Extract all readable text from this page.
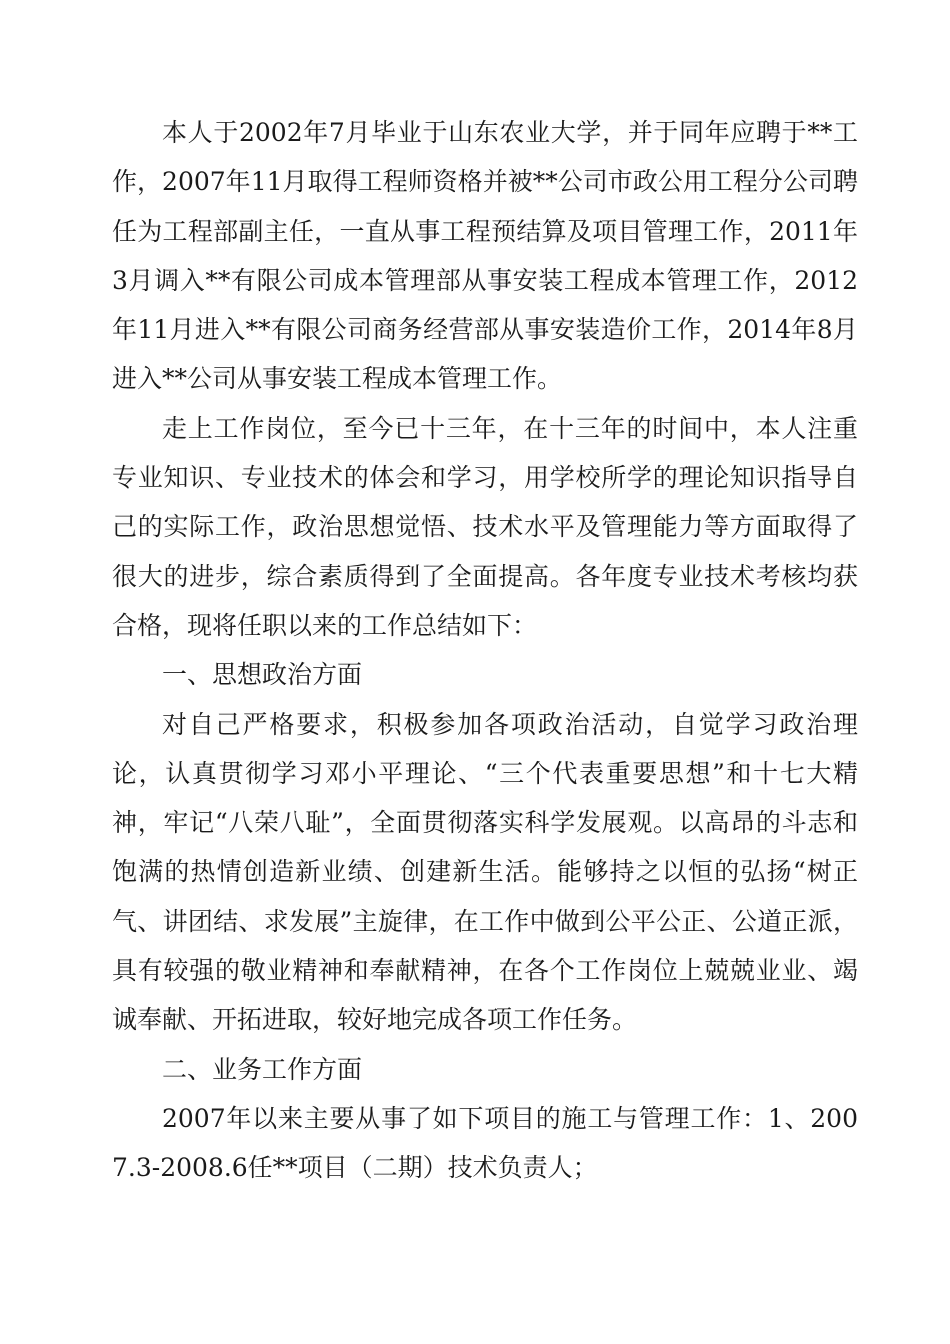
本人于2002年7月毕业于山东农业大学，并于同年应聘于**工作，2007年11月取得工程师资格并被**公司市政公用工程分公司聘任为工程部副主任，一直从事工程预结算及项目管理工作，2011年3月调入**有限公司成本管理部从事安装工程成本管理工作，2012年11月进入**有限公司商务经营部从事安装造价工作，2014年8月进入**公司从事安装工程成本管理工作。

走上工作岗位，至今已十三年，在十三年的时间中，本人注重专业知识、专业技术的体会和学习，用学校所学的理论知识指导自己的实际工作，政治思想觉悟、技术水平及管理能力等方面取得了很大的进步，综合素质得到了全面提高。各年度专业技术考核均获合格，现将任职以来的工作总结如下：

一、思想政治方面

对自己严格要求，积极参加各项政治活动，自觉学习政治理论，认真贯彻学习邓小平理论、“三个代表重要思想”和十七大精神，牢记“八荣八耻”，全面贯彻落实科学发展观。以高昂的斗志和饱满的热情创造新业绩、创建新生活。能够持之以恒的弘扬“树正气、讲团结、求发展”主旋律，在工作中做到公平公正、公道正派，具有较强的敬业精神和奉献精神，在各个工作岗位上兢兢业业、竭诚奉献、开拓进取，较好地完成各项工作任务。

二、业务工作方面

2007年以来主要从事了如下项目的施工与管理工作：1、2007.3-2008.6任**项目（二期）技术负责人；
